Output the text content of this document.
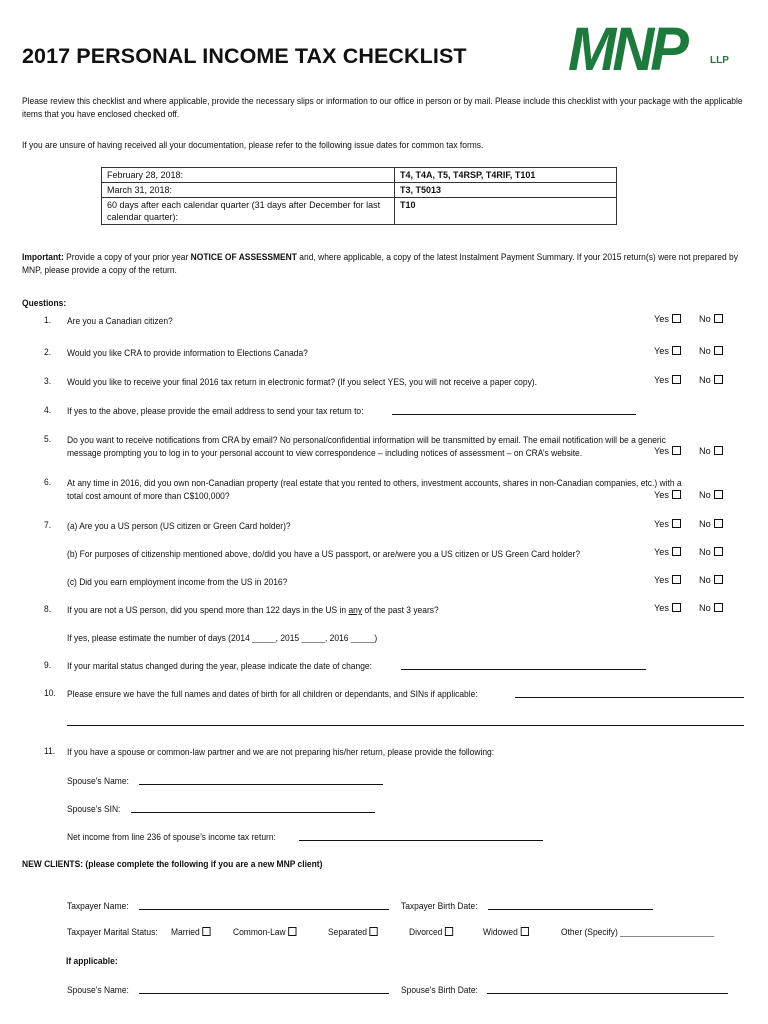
2017 PERSONAL INCOME TAX CHECKLIST MNP	LLP
Please review this checklist and where applicable, provide the necessary slips or information to our office in person or by mail. Please include this checklist with your package with the applicable items that you have enclosed checked off.
If you are unsure of having received all your documentation, please refer to the following issue dates for common tax forms.
February 28, 2018:	T4, T4A, T5, T4RSP, T4RIF, T101
March 31, 2018:	T3, T5013
60 days after each calendar quarter (31 days after December for last calendar quarter):	T10
Important: Provide a copy of your prior year NOTICE OF ASSESSMENT and, where applicable, a copy of the latest Instalment Payment Summary. If your 2015 return(s) were not prepared by MNP, please provide a copy of the return.
Questions:
1. Are you a Canadian citizen?	Yes	No
2. Would you like CRA to provide information to Elections Canada?	Yes	No
3. Would you like to receive your final 2016 tax return in electronic format? (If you select YES, you will not receive a paper copy).	Yes	No
4. If yes to the above, please provide the email address to send your tax return to:
5. Do you want to receive notifications from CRA by email? No personal/confidential information will be transmitted by email. The email notification will be a generic
message prompting you to log in to your personal account to view correspondence – including notices of assessment – on CRA’s website.	Yes	No
6. At any time in 2016, did you own non-Canadian property (real estate that you rented to others, investment accounts, shares in non-Canadian companies, etc.) with a
total cost amount of more than C$100,000?	Yes	No
7. (a) Are you a US person (US citizen or Green Card holder)?	Yes	No
(b) For purposes of citizenship mentioned above, do/did you have a US passport, or are/were you a US citizen or US Green Card holder?	Yes	No
(c) Did you earn employment income from the US in 2016?	Yes	No
8. If you are not a US person, did you spend more than 122 days in the US in any of the past 3 years?	Yes	No
If yes, please estimate the number of days (2014 _____, 2015 _____, 2016 _____)
9. If your marital status changed during the year, please indicate the date of change:
10. Please ensure we have the full names and dates of birth for all children or dependants, and SINs if applicable:
11. If you have a spouse or common-law partner and we are not preparing his/her return, please provide the following:
Spouse’s Name:
Spouse’s SIN:
Net income from line 236 of spouse’s income tax return:
NEW CLIENTS: (please complete the following if you are a new MNP client)
Taxpayer Name:	Taxpayer Birth Date:
Taxpayer Marital Status: Married	Common-Law	Separated	Divorced	Widowed	Other (Specify) ____________________
If applicable:
Spouse’s Name:	Spouse’s Birth Date:
